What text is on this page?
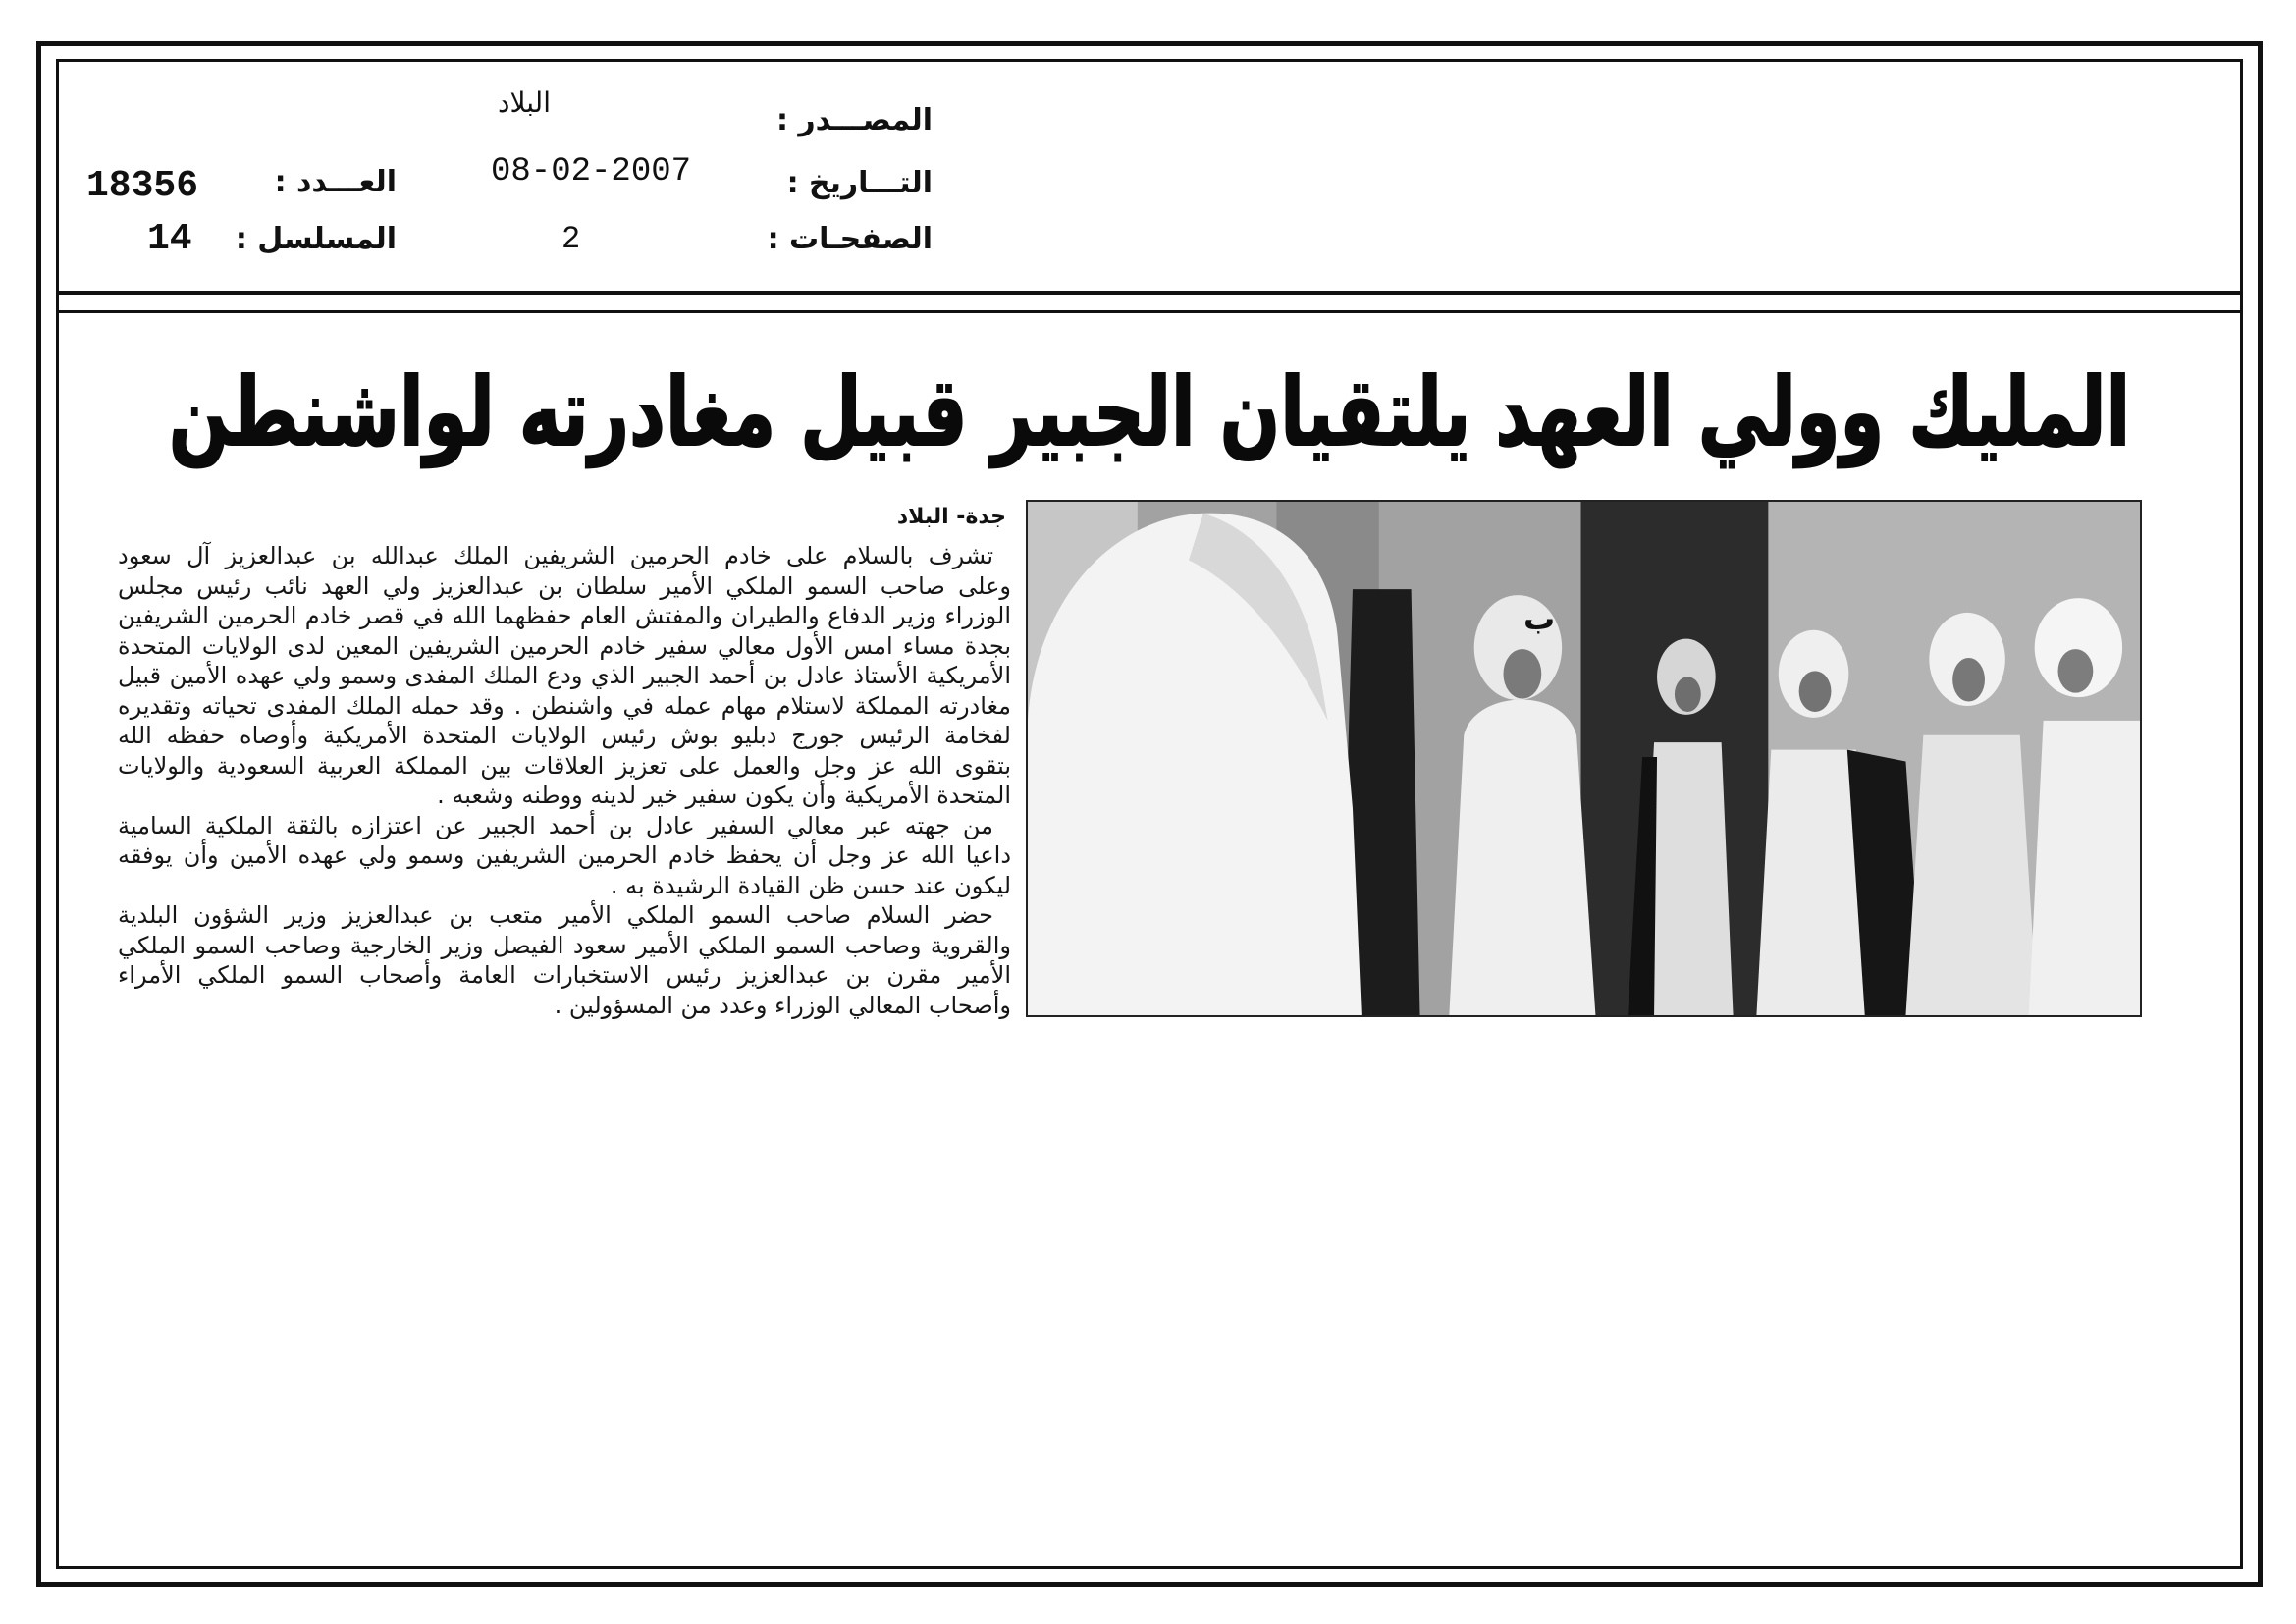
المصـــدر :
البلاد
التـــاريخ :
08-02-2007
الصفحـات :
2
العـــدد :
18356
المسلسل :
14
المليك وولي العهد يلتقيان الجبير قبيل مغادرته لواشنطن
جدة- البلاد
تشرف بالسلام على خادم الحرمين الشريفين الملك عبدالله بن عبدالعزيز آل سعود
وعلى صاحب السمو الملكي الأمير سلطان بن عبدالعزيز ولي العهد نائب رئيس مجلس
الوزراء وزير الدفاع والطيران والمفتش العام حفظهما الله في قصر خادم الحرمين الشريفين
بجدة مساء امس الأول معالي سفير خادم الحرمين الشريفين المعين لدى الولايات المتحدة
الأمريكية الأستاذ عادل بن أحمد الجبير الذي ودع الملك المفدى وسمو ولي عهده الأمين قبيل
مغادرته المملكة لاستلام مهام عمله في واشنطن . وقد حمله الملك المفدى تحياته وتقديره
لفخامة الرئيس جورج دبليو بوش رئيس الولايات المتحدة الأمريكية وأوصاه حفظه الله
بتقوى الله عز وجل والعمل على تعزيز العلاقات بين المملكة العربية السعودية والولايات
المتحدة الأمريكية وأن يكون سفير خير لدينه ووطنه وشعبه .
من جهته عبر معالي السفير عادل بن أحمد الجبير عن اعتزازه بالثقة الملكية السامية
داعيا الله عز وجل أن يحفظ خادم الحرمين الشريفين وسمو ولي عهده الأمين وأن يوفقه
ليكون عند حسن ظن القيادة الرشيدة به .
حضر السلام صاحب السمو الملكي الأمير متعب بن عبدالعزيز وزير الشؤون البلدية
والقروية وصاحب السمو الملكي الأمير سعود الفيصل وزير الخارجية وصاحب السمو الملكي
الأمير مقرن بن عبدالعزيز رئيس الاستخبارات العامة وأصحاب السمو الملكي الأمراء
وأصحاب المعالي الوزراء وعدد من المسؤولين .
ب
